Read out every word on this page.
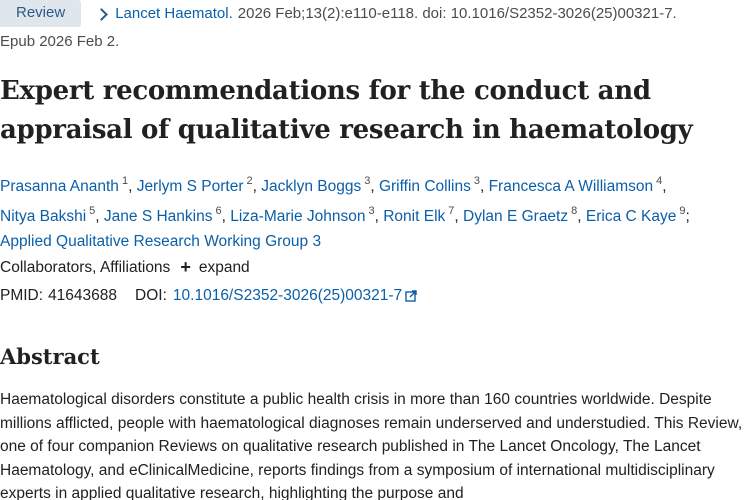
Review	Lancet Haematol. 2026 Feb;13(2):e110-e118. doi: 10.1016/S2352-3026(25)00321-7.
Epub 2026 Feb 2.
Expert recommendations for the conduct and appraisal of qualitative research in haematology
Prasanna Ananth $^1$, Jerlym S Porter $^2$, Jacklyn Boggs $^3$, Griffin Collins $^3$, Francesca A Williamson $^4$,
Nitya Bakshi $^5$, Jane S Hankins $^6$, Liza-Marie Johnson $^3$, Ronit Elk $^7$, Dylan E Graetz $^8$, Erica C Kaye $^9$;
Applied Qualitative Research Working Group 3
Collaborators, Affiliations + expand
PMID: 41643688 DOI: 10.1016/S2352-3026(25)00321-7
Abstract

Haematological disorders constitute a public health crisis in more than 160 countries worldwide. Despite millions afflicted, people with haematological diagnoses remain underserved and understudied. This Review, one of four companion Reviews on qualitative research published in The Lancet Oncology, The Lancet Haematology, and eClinicalMedicine, reports findings from a symposium of international multidisciplinary experts in applied qualitative research, highlighting the purpose and
